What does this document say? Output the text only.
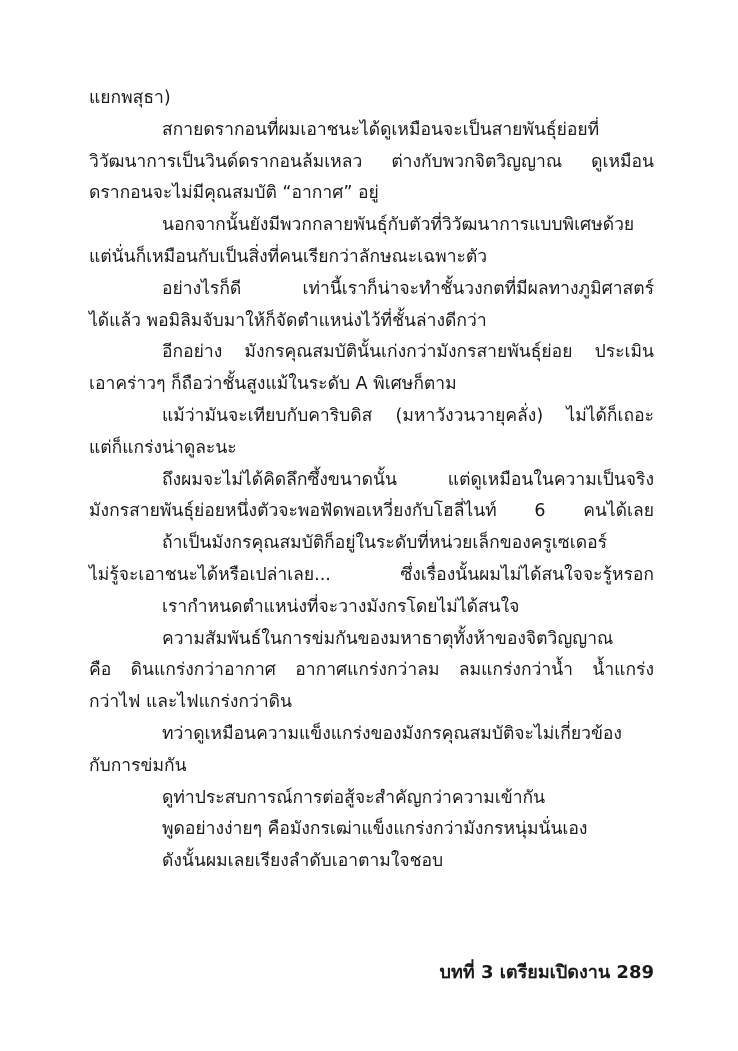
แยกพสุธา)
สกายดรากอนที่ผมเอาชนะได้ดูเหมือนจะเป็นสายพันธุ์ย่อยที่
วิวัฒนาการเป็นวินด์ดรากอนล้มเหลว ต่างกับพวกจิตวิญญาณ ดูเหมือน
ดรากอนจะไม่มีคุณสมบัติ “อากาศ” อยู่
นอกจากนั้นยังมีพวกกลายพันธุ์กับตัวที่วิวัฒนาการแบบพิเศษด้วย
แต่นั่นก็เหมือนกับเป็นสิ่งที่คนเรียกว่าลักษณะเฉพาะตัว
อย่างไรก็ดี เท่านี้เราก็น่าจะทำชั้นวงกตที่มีผลทางภูมิศาสตร์
ได้แล้ว พอมิลิมจับมาให้ก็จัดตำแหน่งไว้ที่ชั้นล่างดีกว่า
อีกอย่าง มังกรคุณสมบัตินั้นเก่งกว่ามังกรสายพันธุ์ย่อย ประเมิน
เอาคร่าวๆ ก็ถือว่าชั้นสูงแม้ในระดับ A พิเศษก็ตาม
แม้ว่ามันจะเทียบกับคาริบดิส (มหาวังวนวายุคลั่ง) ไม่ได้ก็เถอะ
แต่ก็แกร่งน่าดูละนะ
ถึงผมจะไม่ได้คิดลึกซึ้งขนาดนั้น แต่ดูเหมือนในความเป็นจริง
มังกรสายพันธุ์ย่อยหนึ่งตัวจะพอฟัดพอเหวี่ยงกับโฮลี่ไนท์ 6 คนได้เลย
ถ้าเป็นมังกรคุณสมบัติก็อยู่ในระดับที่หน่วยเล็กของครูเซเดอร์
ไม่รู้จะเอาชนะได้หรือเปล่าเลย... ซึ่งเรื่องนั้นผมไม่ได้สนใจจะรู้หรอก
เรากำหนดตำแหน่งที่จะวางมังกรโดยไม่ได้สนใจ
ความสัมพันธ์ในการข่มกันของมหาธาตุทั้งห้าของจิตวิญญาณ
คือ ดินแกร่งกว่าอากาศ อากาศแกร่งกว่าลม ลมแกร่งกว่าน้ำ น้ำแกร่ง
กว่าไฟ และไฟแกร่งกว่าดิน
ทว่าดูเหมือนความแข็งแกร่งของมังกรคุณสมบัติจะไม่เกี่ยวข้อง
กับการข่มกัน
ดูท่าประสบการณ์การต่อสู้จะสำคัญกว่าความเข้ากัน
พูดอย่างง่ายๆ คือมังกรเฒ่าแข็งแกร่งกว่ามังกรหนุ่มนั่นเอง
ดังนั้นผมเลยเรียงลำดับเอาตามใจชอบ
บทที่ 3 เตรียมเปิดงาน 289
